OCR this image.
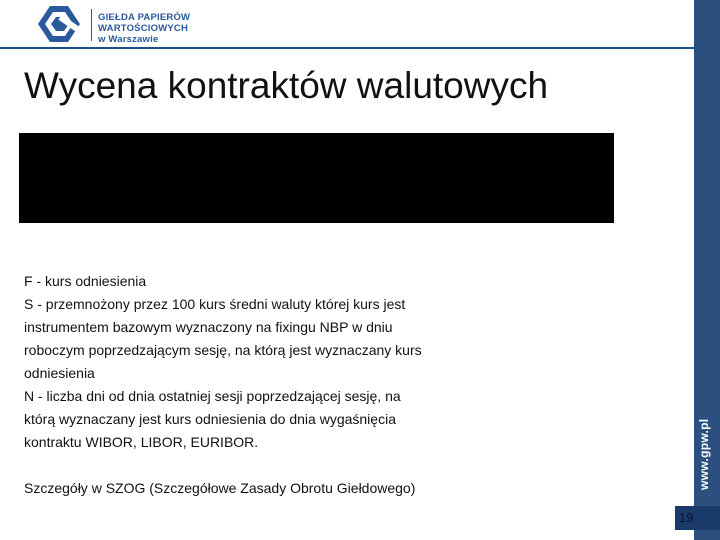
GIEŁDA PAPIERÓW
WARTOŚCIOWYCH
w Warszawie
www.gpw.pl
Wycena kontraktów walutowych

F - kurs odniesienia

S - przemnożony przez 100 kurs średni waluty której kurs jest

instrumentem bazowym wyznaczony na fixingu NBP w dniu

roboczym poprzedzającym sesję, na którą jest wyznaczany kurs

odniesienia

N - liczba dni od dnia ostatniej sesji poprzedzającej sesję, na

którą wyznaczany jest kurs odniesienia do dnia wygaśnięcia

kontraktu WIBOR, LIBOR, EURIBOR.

Szczegóły w SZOG (Szczegółowe Zasady Obrotu Giełdowego)

19
